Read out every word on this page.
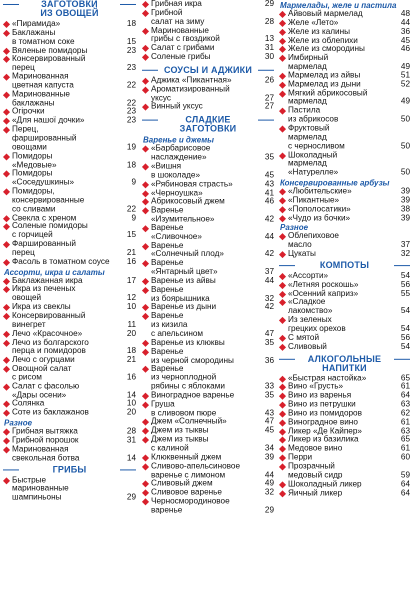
ЗАГОТОВКИ
ИЗ ОВОЩЕЙ
«Пирамида»	18
Баклажаны
в томатном соке	15
Вяленые помидоры	23
Консервированный
перец	23
Маринованная
цветная капуста	22
Маринованные
баклажаны	22
Огірочки	23
«Для нашої дочки»	23
Перец,
фаршированный
овощами	19
Помидоры
«Медовые»	18
Помидоры
«Соседушкины»	9
Помидоры,
консервированные
со сливами	22
Свекла с хреном	9
Соленые помидоры
с горчицей	15
Фаршированный
перец	21
Фасоль в томатном соусе	16
Ассорти, икра и салаты
Баклажанная икра	17
Икра из печеных
овощей	12
Икра из свеклы	10
Консервированный
винегрет	11
Лечо «Красочное»	20
Лечо из болгарского
перца и помидоров	18
Лечо с огурцами	21
Овощной салат
с рисом	16
Салат с фасолью
«Дары осени»	14
Солянка	10
Соте из баклажанов	20
Разное
Грибная вытяжка	28
Грибной порошок	31
Маринованная
свекольная ботва	14
ГРИБЫ
Быстрые
маринованные
шампиньоны	29
Грибная икра	29
Грибной
салат на зиму	28
Маринованные
грибы с гвоздикой	13
Салат с грибами	31
Соленые грибы	30
СОУСЫ И АДЖИКИ
Аджика «Пикантная»	26
Ароматизированный
уксус	27
Винный уксус	27
СЛАДКИЕ
ЗАГОТОВКИ
Варенье и джемы
«Барбарисовое
наслаждение»	35
«Вишня
в шоколаде»	45
«Рябиновая страсть»	43
«Черноушка»	41
Абрикосовый джем	46
Варенье
«Изумительное»	42
Варенье
«Сливочное»	44
Варенье
«Солнечный плод»	42
Варенье
«Янтарный цвет»	37
Варенье из айвы	44
Варенье
из боярышника	32
Варенье из дыни	42
Варенье
из кизила
с апельсином	47
Варенье из клюквы	35
Варенье
из черной смородины	36
Варенье
из черноплодной
рябины с яблоками	33
Виноградное варенье	35
Груша
в сливовом пюре	43
Джем «Солнечный»	47
Джем из тыквы	45
Джем из тыквы
с калиной	34
Клюквенный джем	39
Сливово-апельсиновое
варенье с лимоном	44
Сливовый джем	49
Сливовое варенье	32
Черносмородиновое
варенье	29
Мармелады, желе и пастила
Айвовый мармелад	48
Желе «Лето»	44
Желе из калины	36
Желе из облепихи	45
Желе из смородины	46
Имбирный
мармелад	49
Мармелад из айвы	51
Мармелад из дыни	52
Мягкий абрикосовый
мармелад	49
Пастила
из абрикосов	50
Фруктовый
мармелад
с черносливом	50
Шоколадный
мармелад
«Натурелле»	50
Консервированные арбузы
«Любительские»	39
«Пикантные»	39
«Пополосатики»	38
«Чудо из бочки»	39
Разное
Облепиховое
масло	37
Цукаты	32
КОМПОТЫ
«Ассорти»	54
«Летняя роскошь»	56
«Осенний каприз»	55
«Сладкое
лакомство»	54
Из зеленых
грецких орехов	54
С мятой	56
Сливовый	54
АЛКОГОЛЬНЫЕ
НАПИТКИ
«Быстрая настойка»	65
Вино «Грусть»	61
Вино из варенья	64
Вино из петрушки	63
Вино из помидоров	62
Виноградное вино	61
Ликер «Де Кайпер»	63
Ликер из базилика	65
Медовое вино	61
Перри	60
Прозрачный
медовый сидр	59
Шоколадный ликер	64
Яичный ликер	64
